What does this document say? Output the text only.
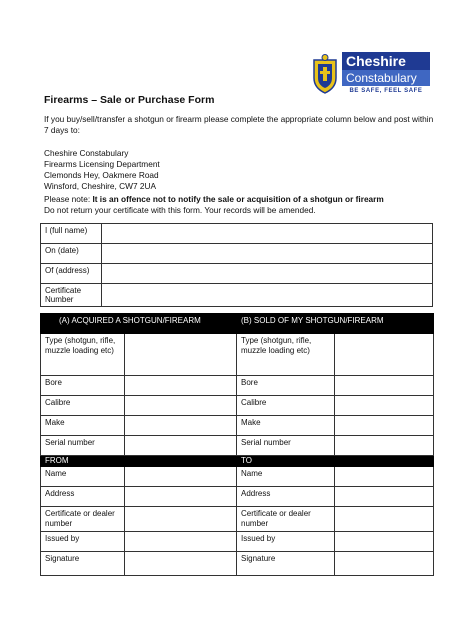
Cheshire
Constabulary
BE SAFE, FEEL SAFE
Firearms – Sale or Purchase Form
If you buy/sell/transfer a shotgun or firearm please complete the appropriate column below and post within 7 days to:
Cheshire Constabulary
Firearms Licensing Department
Clemonds Hey, Oakmere Road
Winsford, Cheshire, CW7 2UA
Please note: It is an offence not to notify the sale or acquisition of a shotgun or firearm
Do not return your certificate with this form. Your records will be amended.
I (full name)	
On (date)	
Of (address)	
Certificate Number	
(A) ACQUIRED A SHOTGUN/FIREARM		(B) SOLD OF MY SHOTGUN/FIREARM	
Type (shotgun, rifle, muzzle loading etc)		Type (shotgun, rifle, muzzle loading etc)	
Bore		Bore	
Calibre		Calibre	
Make		Make	
Serial number		Serial number	
FROM		TO	
Name		Name	
Address		Address	
Certificate or dealer number		Certificate or dealer number	
Issued by		Issued by	
Signature		Signature	
